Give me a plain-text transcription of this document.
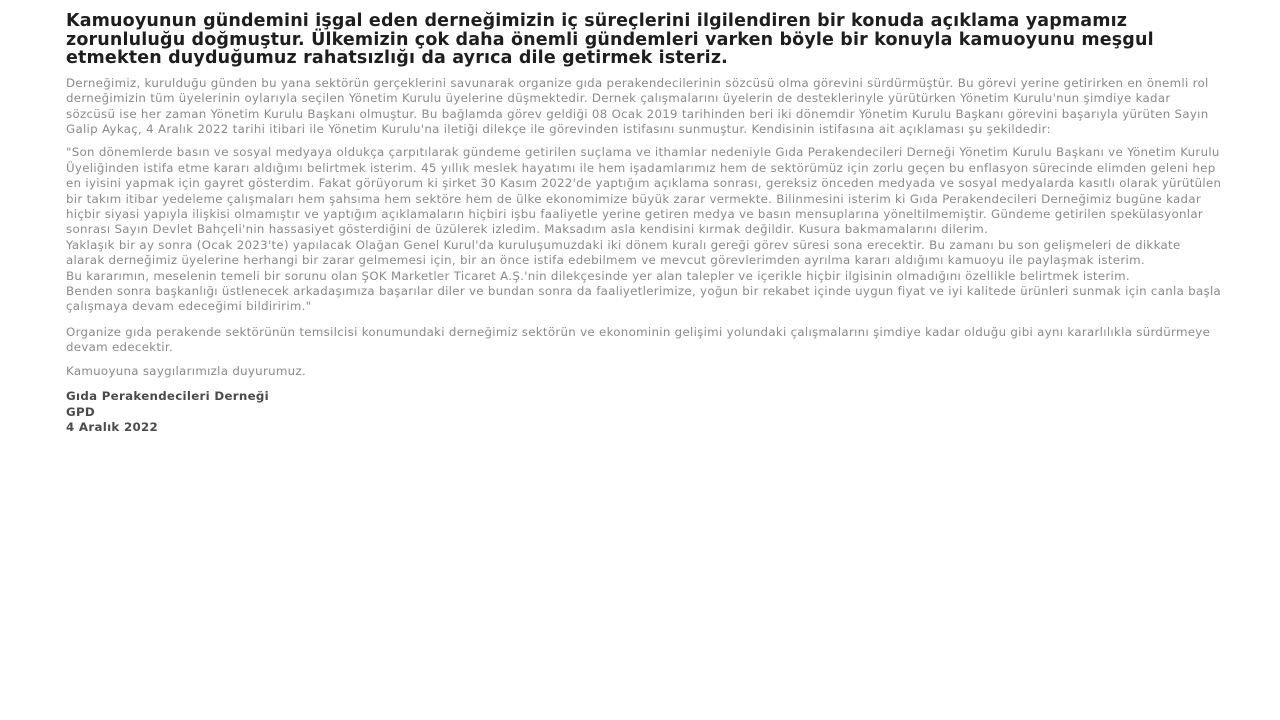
Kamuoyunun gündemini işgal eden derneğimizin iç süreçlerini ilgilendiren bir konuda açıklama yapmamız zorunluluğu doğmuştur. Ülkemizin çok daha önemli gündemleri varken böyle bir konuyla kamuoyunu meşgul etmekten duyduğumuz rahatsızlığı da ayrıca dile getirmek isteriz.

Derneğimiz, kurulduğu günden bu yana sektörün gerçeklerini savunarak organize gıda perakendecilerinin sözcüsü olma görevini sürdürmüştür. Bu görevi yerine getirirken en önemli rol derneğimizin tüm üyelerinin oylarıyla seçilen Yönetim Kurulu üyelerine düşmektedir. Dernek çalışmalarını üyelerin de desteklerinyle yürütürken Yönetim Kurulu'nun şimdiye kadar sözcüsü ise her zaman Yönetim Kurulu Başkanı olmuştur. Bu bağlamda görev geldiği 08 Ocak 2019 tarihinden beri iki dönemdir Yönetim Kurulu Başkanı görevini başarıyla yürüten Sayın Galip Aykaç, 4 Aralık 2022 tarihi itibari ile Yönetim Kurulu'na iletiği dilekçe ile görevinden istifasını sunmuştur. Kendisinin istifasına ait açıklaması şu şekildedir:

"Son dönemlerde basın ve sosyal medyaya oldukça çarpıtılarak gündeme getirilen suçlama ve ithamlar nedeniyle Gıda Perakendecileri Derneği Yönetim Kurulu Başkanı ve Yönetim Kurulu Üyeliğinden istifa etme kararı aldığımı belirtmek isterim. 45 yıllık meslek hayatımı ile hem işadamlarımız hem de sektörümüz için zorlu geçen bu enflasyon sürecinde elimden geleni hep en iyisini yapmak için gayret gösterdim. Fakat görüyorum ki şirket 30 Kasım 2022'de yaptığım açıklama sonrası, gereksiz önceden medyada ve sosyal medyalarda kasıtlı olarak yürütülen bir takım itibar yedeleme çalışmaları hem şahsıma hem sektöre hem de ülke ekonomimize büyük zarar vermekte. Bilinmesini isterim ki Gıda Perakendecileri Derneğimiz bugüne kadar hiçbir siyasi yapıyla ilişkisi olmamıştır ve yaptığım açıklamaların hiçbiri işbu faaliyetle yerine getiren medya ve basın mensuplarına yöneltilmemiştir. Gündeme getirilen spekülasyonlar sonrası Sayın Devlet Bahçeli'nin hassasiyet gösterdiğini de üzülerek izledim. Maksadım asla kendisini kırmak değildir. Kusura bakmamalarını dilerim.

Yaklaşık bir ay sonra (Ocak 2023'te) yapılacak Olağan Genel Kurul'da kuruluşumuzdaki iki dönem kuralı gereği görev süresi sona erecektir. Bu zamanı bu son gelişmeleri de dikkate alarak derneğimiz üyelerine herhangi bir zarar gelmemesi için, bir an önce istifa edebilmem ve mevcut görevlerimden ayrılma kararı aldığımı kamuoyu ile paylaşmak isterim.

Bu kararımın, meselenin temeli bir sorunu olan ŞOK Marketler Ticaret A.Ş.'nin dilekçesinde yer alan talepler ve içerikle hiçbir ilgisinin olmadığını özellikle belirtmek isterim.

Benden sonra başkanlığı üstlenecek arkadaşımıza başarılar diler ve bundan sonra da faaliyetlerimize, yoğun bir rekabet içinde uygun fiyat ve iyi kalitede ürünleri sunmak için canla başla çalışmaya devam edeceğimi bildiririm."

Organize gıda perakende sektörünün temsilcisi konumundaki derneğimiz sektörün ve ekonominin gelişimi yolundaki çalışmalarını şimdiye kadar olduğu gibi aynı kararlılıkla sürdürmeye devam edecektir.

Kamuoyuna saygılarımızla duyurumuz.

Gıda Perakendecileri Derneği
GPD
4 Aralık 2022
